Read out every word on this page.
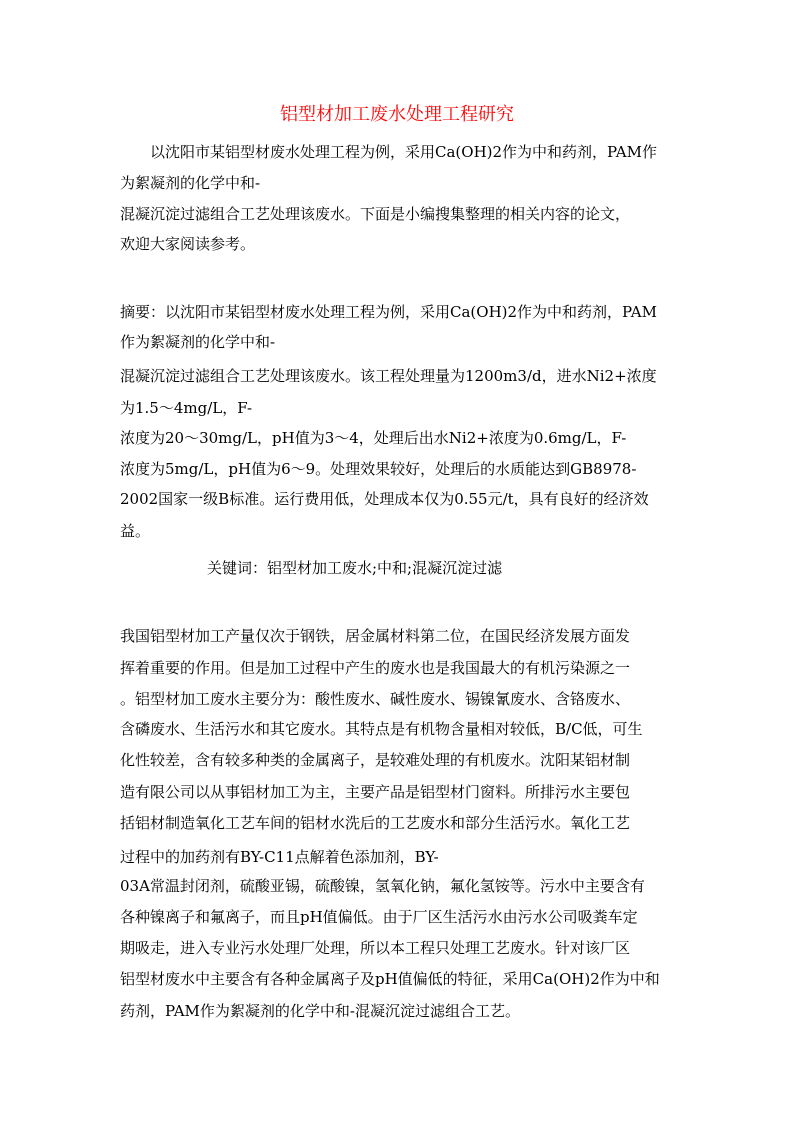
铝型材加工废水处理工程研究
以沈阳市某铝型材废水处理工程为例，采用Ca(OH)2作为中和药剂，PAM作
为絮凝剂的化学中和-
混凝沉淀过滤组合工艺处理该废水。下面是小编搜集整理的相关内容的论文，
欢迎大家阅读参考。
摘要：以沈阳市某铝型材废水处理工程为例，采用Ca(OH)2作为中和药剂，PAM
作为絮凝剂的化学中和-
混凝沉淀过滤组合工艺处理该废水。该工程处理量为1200m3/d，进水Ni2+浓度
为1.5～4mg/L，F-
浓度为20～30mg/L，pH值为3～4，处理后出水Ni2+浓度为0.6mg/L，F-
浓度为5mg/L，pH值为6～9。处理效果较好，处理后的水质能达到GB8978-
2002国家一级B标准。运行费用低，处理成本仅为0.55元/t，具有良好的经济效
益。
关键词：铝型材加工废水;中和;混凝沉淀过滤
我国铝型材加工产量仅次于钢铁，居金属材料第二位，在国民经济发展方面发
挥着重要的作用。但是加工过程中产生的废水也是我国最大的有机污染源之一
。铝型材加工废水主要分为：酸性废水、碱性废水、锡镍氰废水、含铬废水、
含磷废水、生活污水和其它废水。其特点是有机物含量相对较低，B/C低，可生
化性较差，含有较多种类的金属离子，是较难处理的有机废水。沈阳某铝材制
造有限公司以从事铝材加工为主，主要产品是铝型材门窗料。所排污水主要包
括铝材制造氧化工艺车间的铝材水洗后的工艺废水和部分生活污水。氧化工艺
过程中的加药剂有BY-C11点解着色添加剂，BY-
03A常温封闭剂，硫酸亚锡，硫酸镍，氢氧化钠，氟化氢铵等。污水中主要含有
各种镍离子和氟离子，而且pH值偏低。由于厂区生活污水由污水公司吸粪车定
期吸走，进入专业污水处理厂处理，所以本工程只处理工艺废水。针对该厂区
铝型材废水中主要含有各种金属离子及pH值偏低的特征，采用Ca(OH)2作为中和
药剂，PAM作为絮凝剂的化学中和-混凝沉淀过滤组合工艺。
